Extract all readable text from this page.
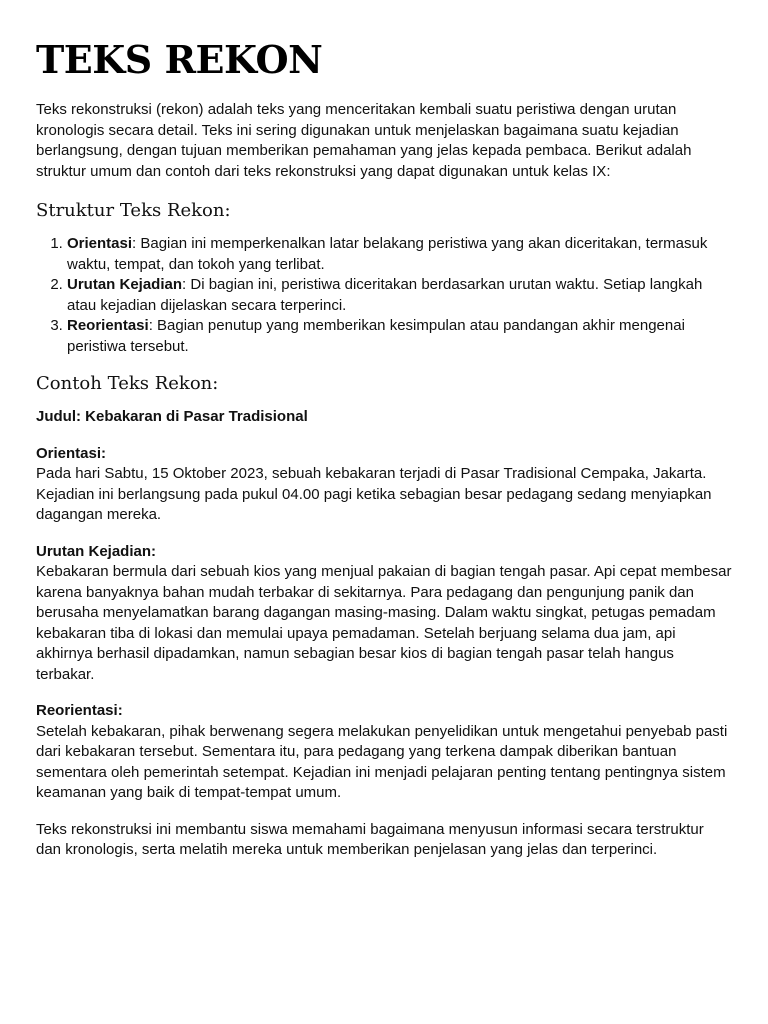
TEKS REKON

Teks rekonstruksi (rekon) adalah teks yang menceritakan kembali suatu peristiwa dengan urutan kronologis secara detail. Teks ini sering digunakan untuk menjelaskan bagaimana suatu kejadian berlangsung, dengan tujuan memberikan pemahaman yang jelas kepada pembaca. Berikut adalah struktur umum dan contoh dari teks rekonstruksi yang dapat digunakan untuk kelas IX:

Struktur Teks Rekon:
1. Orientasi: Bagian ini memperkenalkan latar belakang peristiwa yang akan diceritakan, termasuk waktu, tempat, dan tokoh yang terlibat.
2. Urutan Kejadian: Di bagian ini, peristiwa diceritakan berdasarkan urutan waktu. Setiap langkah atau kejadian dijelaskan secara terperinci.
3. Reorientasi: Bagian penutup yang memberikan kesimpulan atau pandangan akhir mengenai peristiwa tersebut.
Contoh Teks Rekon:

Judul: Kebakaran di Pasar Tradisional

Orientasi:

Pada hari Sabtu, 15 Oktober 2023, sebuah kebakaran terjadi di Pasar Tradisional Cempaka, Jakarta. Kejadian ini berlangsung pada pukul 04.00 pagi ketika sebagian besar pedagang sedang menyiapkan dagangan mereka.

Urutan Kejadian:

Kebakaran bermula dari sebuah kios yang menjual pakaian di bagian tengah pasar. Api cepat membesar karena banyaknya bahan mudah terbakar di sekitarnya. Para pedagang dan pengunjung panik dan berusaha menyelamatkan barang dagangan masing-masing. Dalam waktu singkat, petugas pemadam kebakaran tiba di lokasi dan memulai upaya pemadaman. Setelah berjuang selama dua jam, api akhirnya berhasil dipadamkan, namun sebagian besar kios di bagian tengah pasar telah hangus terbakar.

Reorientasi:

Setelah kebakaran, pihak berwenang segera melakukan penyelidikan untuk mengetahui penyebab pasti dari kebakaran tersebut. Sementara itu, para pedagang yang terkena dampak diberikan bantuan sementara oleh pemerintah setempat. Kejadian ini menjadi pelajaran penting tentang pentingnya sistem keamanan yang baik di tempat-tempat umum.

Teks rekonstruksi ini membantu siswa memahami bagaimana menyusun informasi secara terstruktur dan kronologis, serta melatih mereka untuk memberikan penjelasan yang jelas dan terperinci.
